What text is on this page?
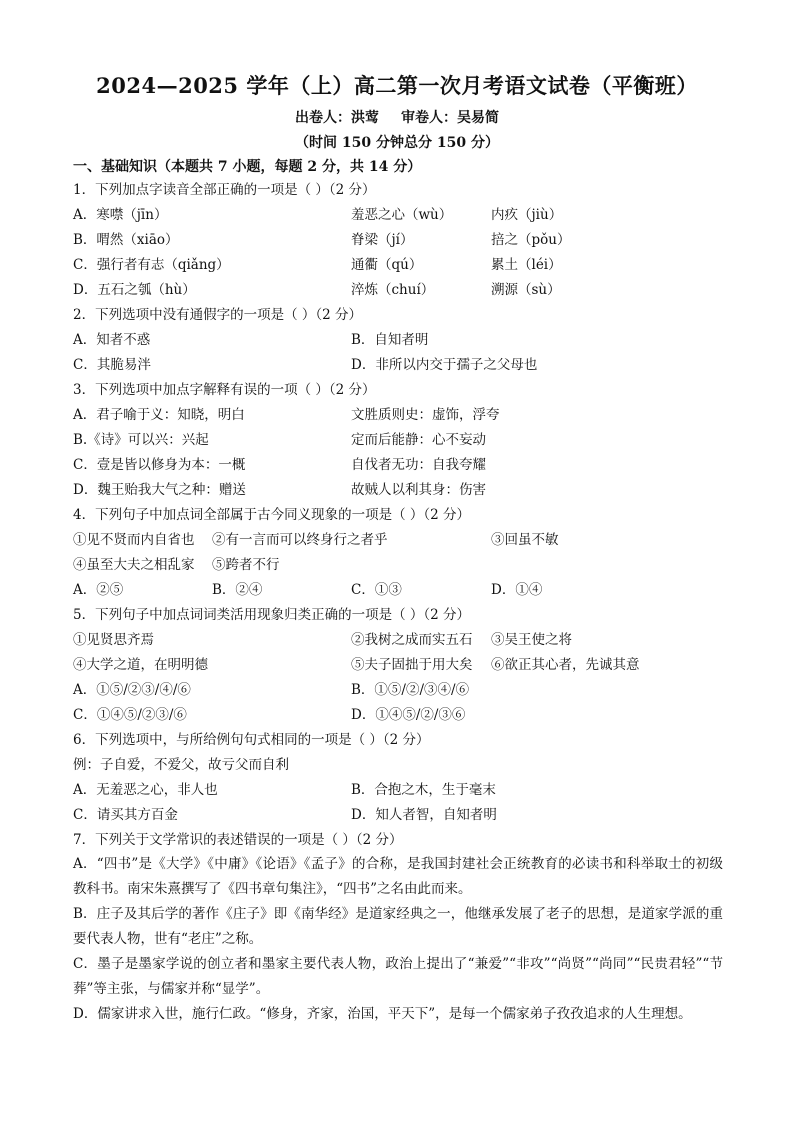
2024—2025 学年（上）高二第一次月考语文试卷（平衡班）
出卷人：洪莺 审卷人：吴易简
（时间 150 分钟总分 150 分）
一、基础知识（本题共 7 小题，每题 2 分，共 14 分）
1．下列加点字读音全部正确的一项是（ ）（2 分）
A．寒噤（jīn）	羞恶之心（wù）	内疚（jiù）
B．喟然（xiāo）	脊梁（jí）	掊之（pǒu）
C．强行者有志（qiǎng）	通衢（qú）	累土（léi）
D．五石之瓠（hù）	淬炼（chuí）	溯源（sù）
2．下列选项中没有通假字的一项是（ ）（2 分）
A．知者不惑	B．自知者明
C．其脆易泮	D．非所以内交于孺子之父母也
3．下列选项中加点字解释有误的一项（ ）（2 分）
A．君子喻于义：知晓，明白	文胜质则史：虚饰，浮夸
B.《诗》可以兴：兴起	定而后能静：心不妄动
C．壹是皆以修身为本：一概	自伐者无功：自我夸耀
D．魏王贻我大气之种：赠送	故贼人以利其身：伤害
4．下列句子中加点词全部属于古今同义现象的一项是（ ）（2 分）
①见不贤而内自省也 ②有一言而可以终身行之者乎	③回虽不敏
④虽至大夫之相乱家 ⑤跨者不行
A．②⑤	B．②④	C．①③	D．①④
5．下列句子中加点词词类活用现象归类正确的一项是（ ）（2 分）
①见贤思齐焉	②我树之成而实五石 ③吴王使之将
④大学之道，在明明德	⑤夫子固拙于用大矣 ⑥欲正其心者，先诚其意
A．①⑤/②③/④/⑥	B．①⑤/②/③④/⑥
C．①④⑤/②③/⑥	D．①④⑤/②/③⑥
6．下列选项中，与所给例句句式相同的一项是（ ）（2 分）
例：子自爱，不爱父，故亏父而自利
A．无羞恶之心，非人也	B．合抱之木，生于毫末
C．请买其方百金	D．知人者智，自知者明
7．下列关于文学常识的表述错误的一项是（ ）（2 分）
A．“四书”是《大学》《中庸》《论语》《孟子》的合称，是我国封建社会正统教育的必读书和科举取士的初级教科书。南宋朱熹撰写了《四书章句集注》，“四书”之名由此而来。
B．庄子及其后学的著作《庄子》即《南华经》是道家经典之一，他继承发展了老子的思想，是道家学派的重要代表人物，世有“老庄”之称。
C．墨子是墨家学说的创立者和墨家主要代表人物，政治上提出了“兼爱”“非攻”“尚贤”“尚同”“民贵君轻”“节葬”等主张，与儒家并称“显学”。
D．儒家讲求入世，施行仁政。“修身，齐家，治国，平天下”，是每一个儒家弟子孜孜追求的人生理想。
